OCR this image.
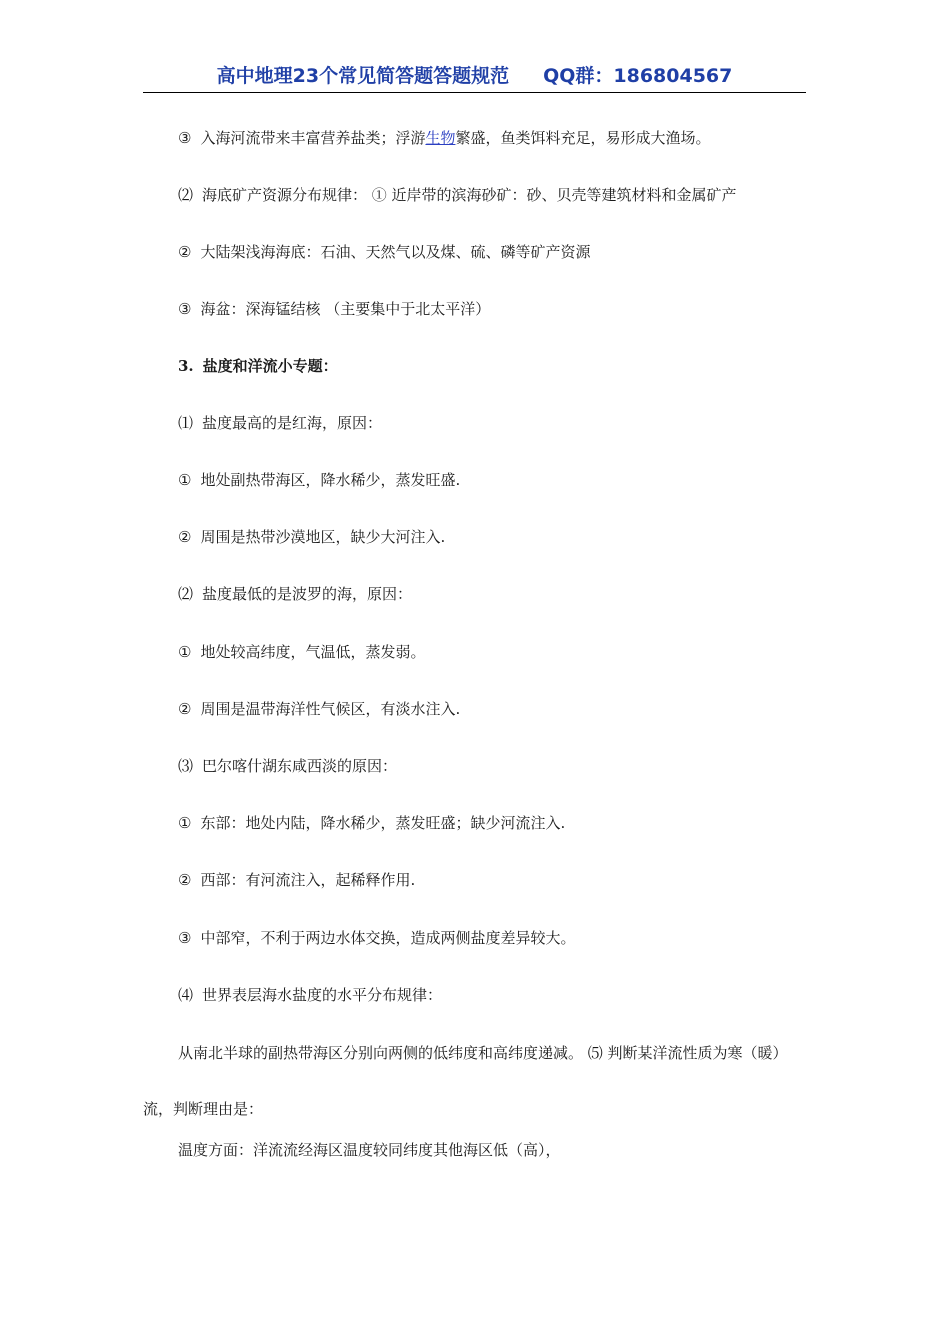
高中地理23个常见简答题答题规范 QQ群：186804567
③ 入海河流带来丰富营养盐类；浮游生物繁盛，鱼类饵料充足，易形成大渔场。
⑵ 海底矿产资源分布规律： ① 近岸带的滨海砂矿：砂、贝壳等建筑材料和金属矿产
② 大陆架浅海海底：石油、天然气以及煤、硫、磷等矿产资源
③ 海盆：深海锰结核 （主要集中于北太平洋）
3. 盐度和洋流小专题：
⑴ 盐度最高的是红海，原因：
① 地处副热带海区，降水稀少，蒸发旺盛.
② 周围是热带沙漠地区，缺少大河注入.
⑵ 盐度最低的是波罗的海，原因：
① 地处较高纬度，气温低，蒸发弱。
② 周围是温带海洋性气候区，有淡水注入.
⑶ 巴尔喀什湖东咸西淡的原因：
① 东部：地处内陆，降水稀少，蒸发旺盛；缺少河流注入.
② 西部：有河流注入，起稀释作用.
③ 中部窄，不利于两边水体交换，造成两侧盐度差异较大。
⑷ 世界表层海水盐度的水平分布规律：
从南北半球的副热带海区分别向两侧的低纬度和高纬度递减。 ⑸ 判断某洋流性质为寒（暖）流，判断理由是：
温度方面：洋流流经海区温度较同纬度其他海区低（高），
